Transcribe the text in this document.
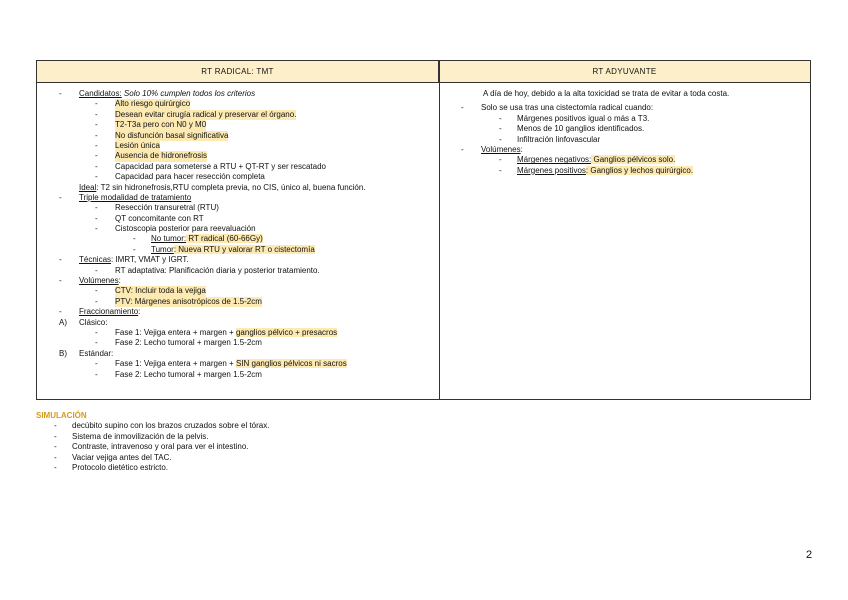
RT RADICAL: TMT	RT ADYUVANTE
- Candidatos: Solo 10% cumplen todos los criterios
- Alto riesgo quirúrgico
- Desean evitar cirugía radical y preservar el órgano.
- T2-T3a pero con N0 y M0
- No disfunción basal significativa
- Lesión única
- Ausencia de hidronefrosis
- Capacidad para someterse a RTU + QT-RT y ser rescatado
- Capacidad para hacer resección completa
Ideal: T2 sin hidronefrosis,RTU completa previa, no CIS, único al, buena función.
- Triple modalidad de tratamiento
- Resección transuretral (RTU)
- QT concomitante con RT
- Cistoscopia posterior para reevaluación
- No tumor: RT radical (60-66Gy)
- Tumor: Nueva RTU y valorar RT o cistectomía
- Técnicas: IMRT, VMAT y IGRT.
- RT adaptativa: Planificación diaria y posterior tratamiento.
- Volúmenes:
- CTV: Incluir toda la vejiga
- PTV: Márgenes anisotrópicos de 1.5-2cm
- Fraccionamiento:
A) Clásico:
- Fase 1: Vejiga entera + margen + ganglios pélvico + presacros
- Fase 2: Lecho tumoral + margen 1.5-2cm
B) Estándar:
- Fase 1: Vejiga entera + margen + SIN ganglios pélvicos ni sacros
- Fase 2: Lecho tumoral + margen 1.5-2cm
A día de hoy, debido a la alta toxicidad se trata de evitar a toda costa.
- Solo se usa tras una cistectomía radical cuando:
- Márgenes positivos igual o más a T3.
- Menos de 10 ganglios identificados.
- Infiltración linfovascular
- Volúmenes:
- Márgenes negativos: Ganglios pélvicos solo.
- Márgenes positivos: Ganglios y lechos quirúrgico.
SIMULACIÓN
- decúbito supino con los brazos cruzados sobre el tórax.
- Sistema de inmovilización de la pelvis.
- Contraste, intravenoso y oral para ver el intestino.
- Vaciar vejiga antes del TAC.
- Protocolo dietético estricto.
2
